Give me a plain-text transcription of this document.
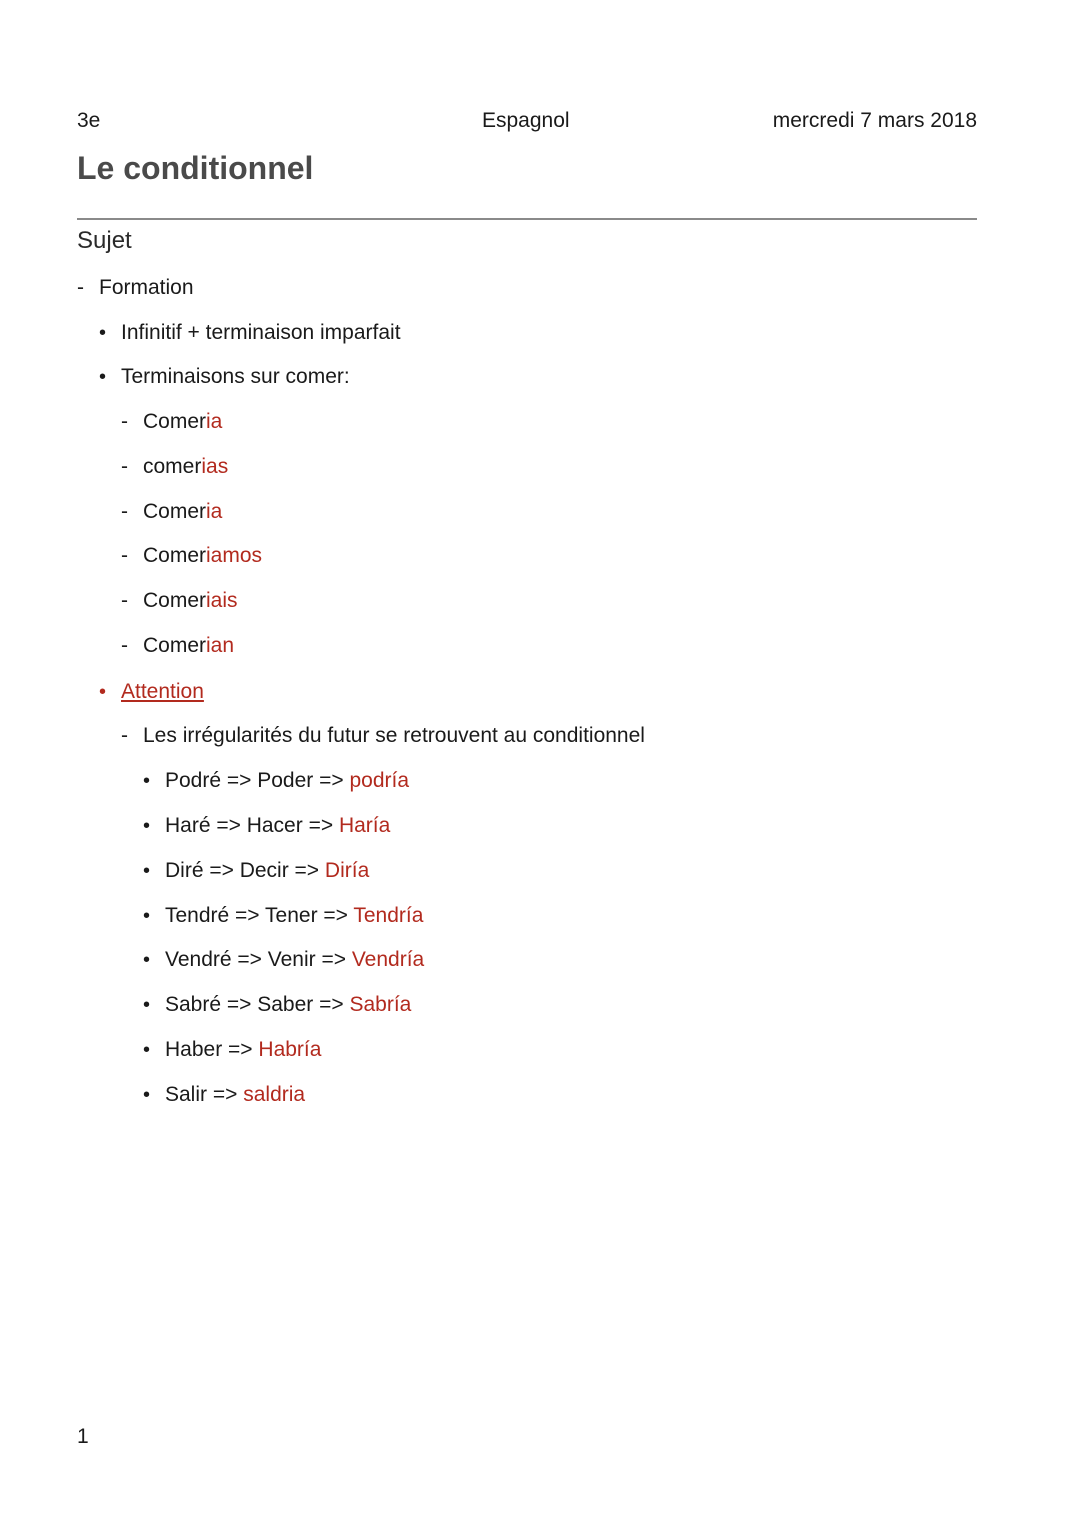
3e	Espagnol	mercredi 7 mars 2018
Le conditionnel
Sujet
- Formation
• Infinitif + terminaison imparfait
• Terminaisons sur comer:
- Comeria
- comerias
- Comeria
- Comeriamos
- Comeriais
- Comerian
• Attention
- Les irrégularités du futur se retrouvent au conditionnel
• Podré => Poder => podría
• Haré => Hacer => Haría
• Diré => Decir => Diría
• Tendré => Tener => Tendría
• Vendré => Venir => Vendría
• Sabré => Saber => Sabría
• Haber => Habría
• Salir => saldria
1
